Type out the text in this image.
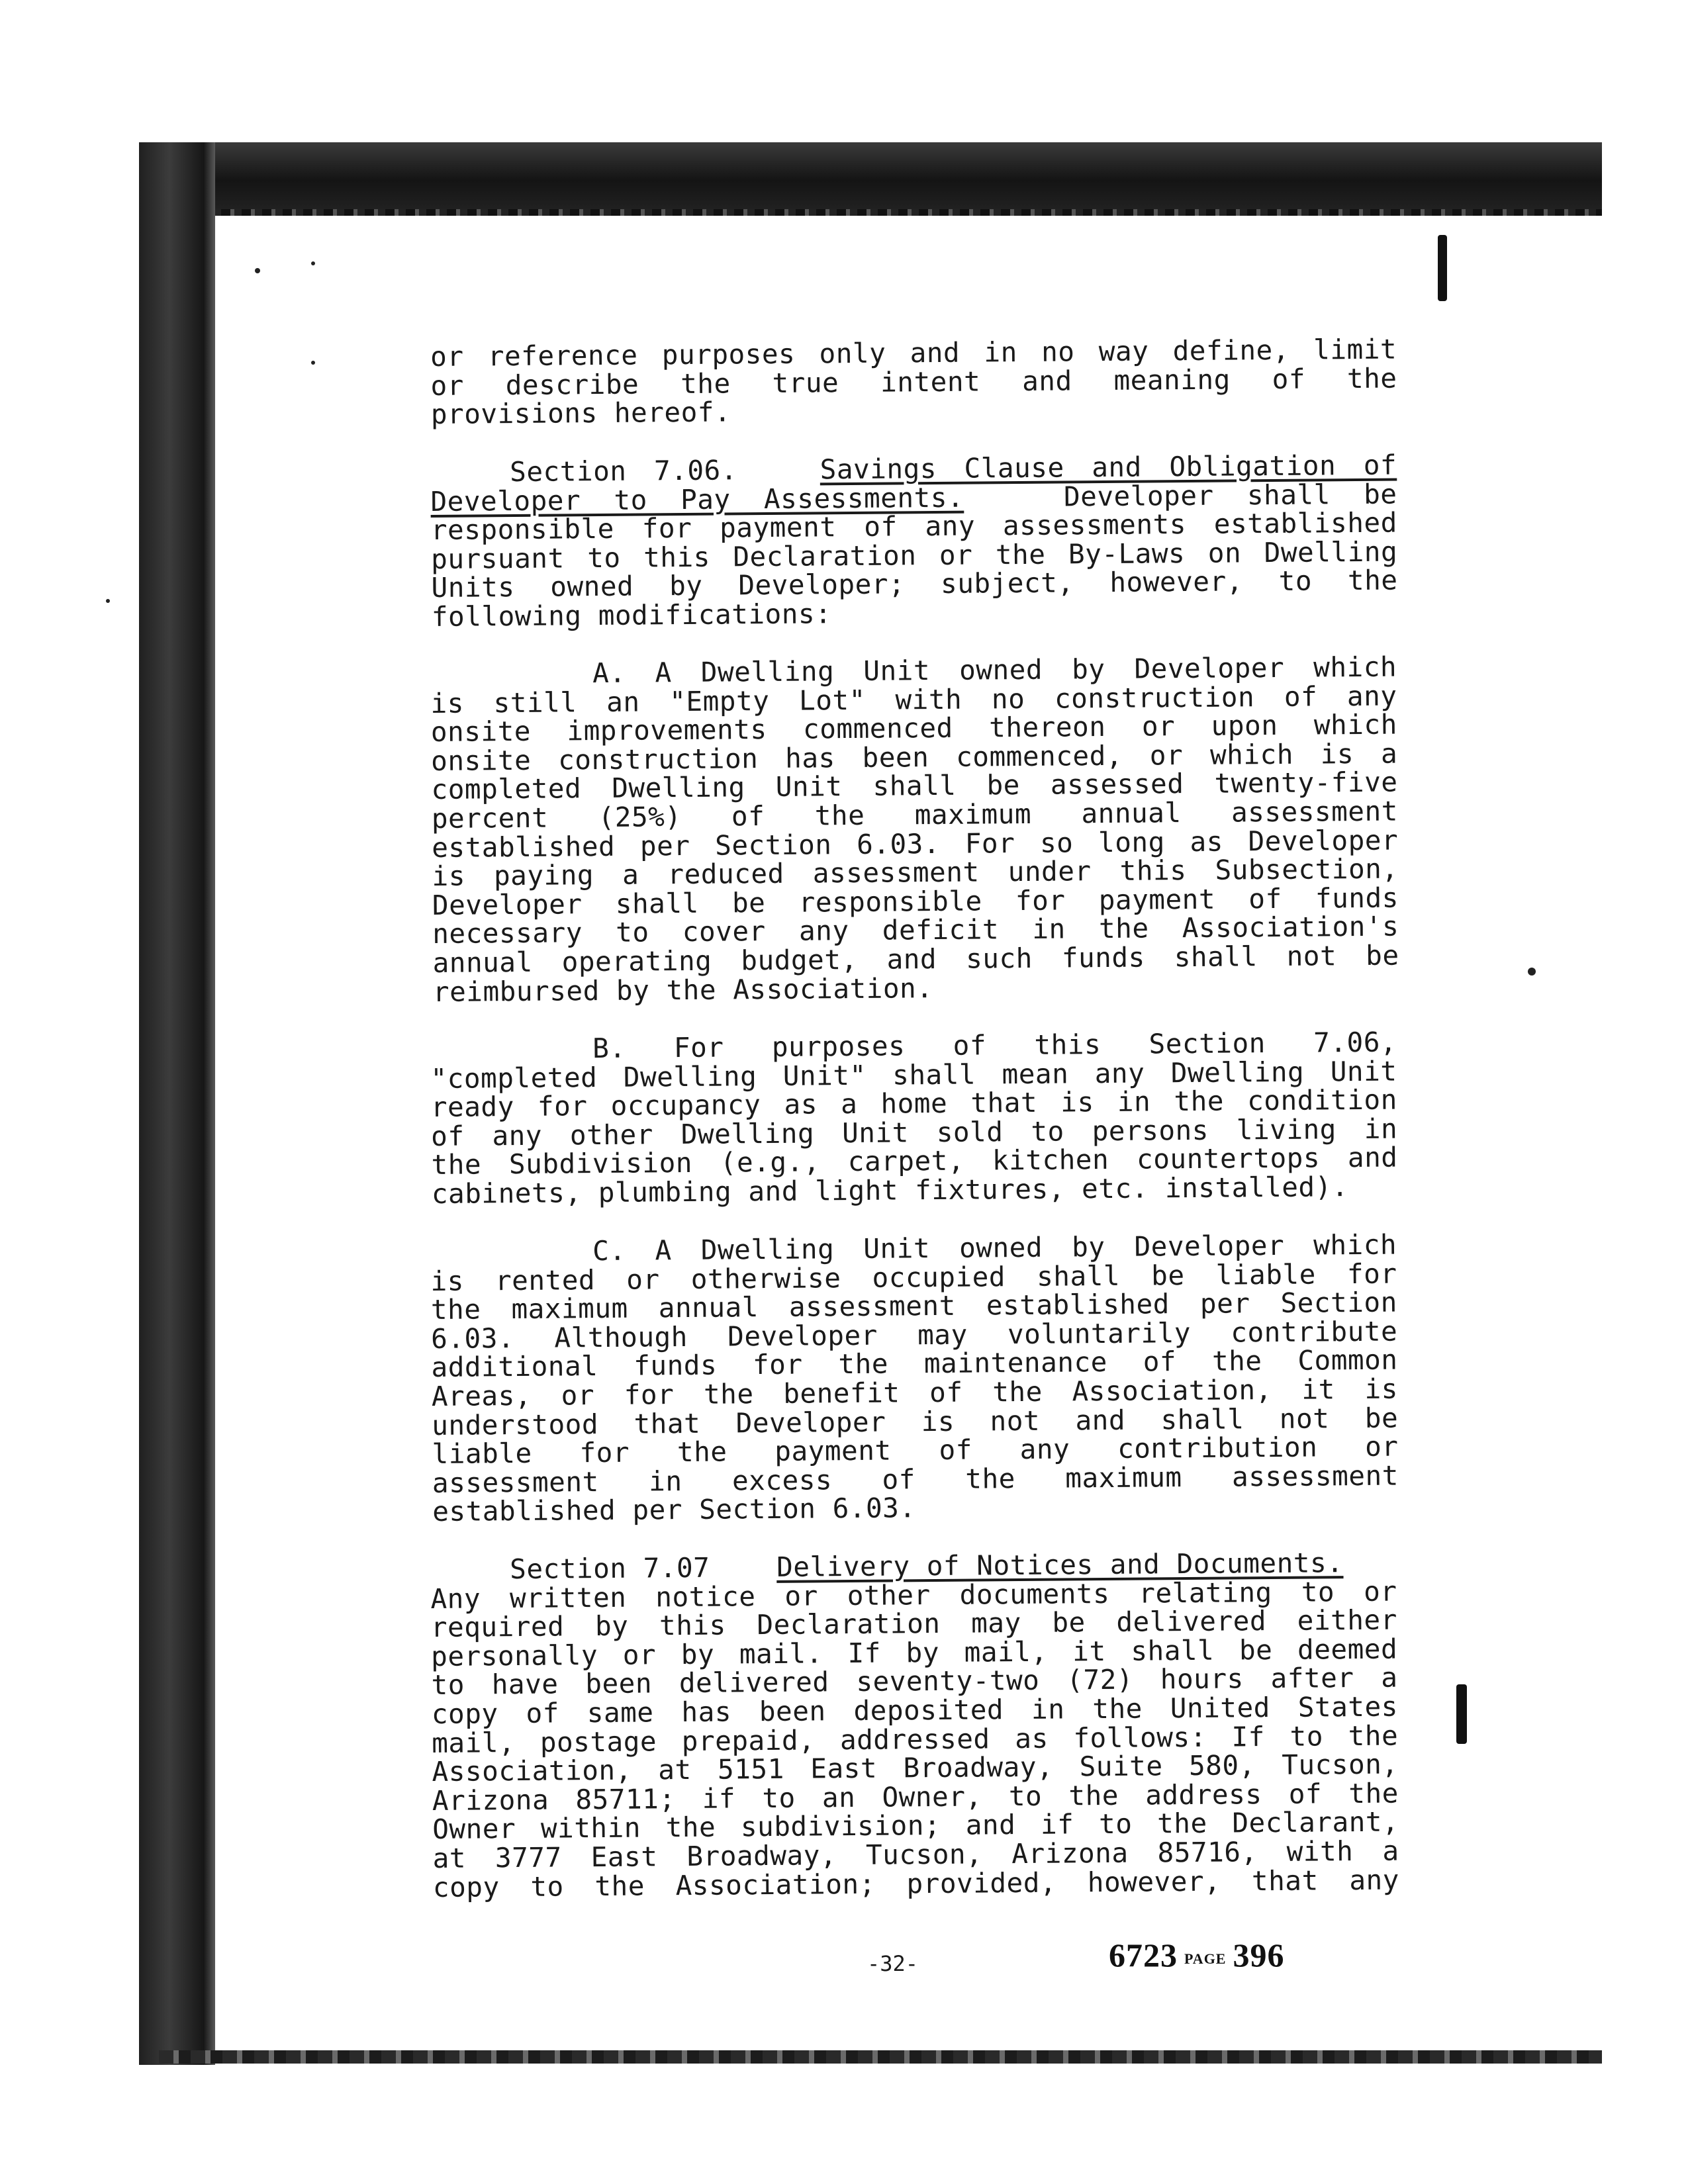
or reference purposes only and in no way define, limit
or describe the true intent and meaning of the
provisions hereof.

Section 7.06.	Savings Clause and Obligation of
Developer to Pay Assessments.	Developer shall be
responsible for payment of any assessments established
pursuant to this Declaration or the By-Laws on Dwelling
Units owned by Developer; subject, however, to the
following modifications:

A. A Dwelling Unit owned by Developer which
is still an "Empty Lot" with no construction of any
onsite improvements commenced thereon or upon which
onsite construction has been commenced, or which is a
completed Dwelling Unit shall be assessed twenty-five
percent (25%) of the maximum annual assessment
established per Section 6.03. For so long as Developer
is paying a reduced assessment under this Subsection,
Developer shall be responsible for payment of funds
necessary to cover any deficit in the Association's
annual operating budget, and such funds shall not be
reimbursed by the Association.

B. For purposes of this Section 7.06,
"completed Dwelling Unit" shall mean any Dwelling Unit
ready for occupancy as a home that is in the condition
of any other Dwelling Unit sold to persons living in
the Subdivision (e.g., carpet, kitchen countertops and
cabinets, plumbing and light fixtures, etc. installed).

C. A Dwelling Unit owned by Developer which
is rented or otherwise occupied shall be liable for
the maximum annual assessment established per Section
6.03. Although Developer may voluntarily contribute
additional funds for the maintenance of the Common
Areas, or for the benefit of the Association, it is
understood that Developer is not and shall not be
liable for the payment of any contribution or
assessment in excess of the maximum assessment
established per Section 6.03.

Section 7.07 Delivery of Notices and Documents.
Any written notice or other documents relating to or
required by this Declaration may be delivered either
personally or by mail. If by mail, it shall be deemed
to have been delivered seventy-two (72) hours after a
copy of same has been deposited in the United States
mail, postage prepaid, addressed as follows: If to the
Association, at 5151 East Broadway, Suite 580, Tucson,
Arizona 85711; if to an Owner, to the address of the
Owner within the subdivision; and if to the Declarant,
at 3777 East Broadway, Tucson, Arizona 85716, with a
copy to the Association; provided, however, that any

-32-	6723 PAGE 396
